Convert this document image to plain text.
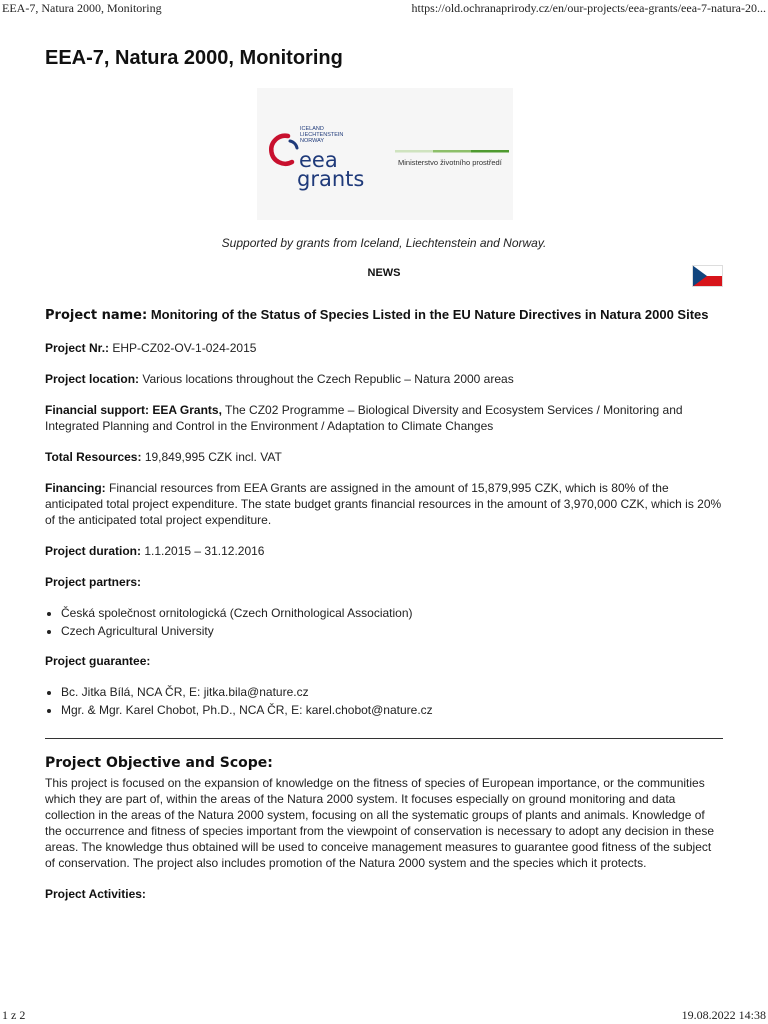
EEA-7, Natura 2000, Monitoring	https://old.ochranaprirody.cz/en/our-projects/eea-grants/eea-7-natura-20...
EEA-7, Natura 2000, Monitoring
ICELAND
LIECHTENSTEIN
NORWAY
eea
grants
Ministerstvo životního prostředí
Supported by grants from Iceland, Liechtenstein and Norway.
NEWS

Project name: Monitoring of the Status of Species Listed in the EU Nature Directives in Natura 2000 Sites

Project Nr.: EHP-CZ02-OV-1-024-2015

Project location: Various locations throughout the Czech Republic – Natura 2000 areas

Financial support: EEA Grants, The CZ02 Programme – Biological Diversity and Ecosystem Services / Monitoring and Integrated Planning and Control in the Environment / Adaptation to Climate Changes

Total Resources: 19,849,995 CZK incl. VAT

Financing: Financial resources from EEA Grants are assigned in the amount of 15,879,995 CZK, which is 80% of the anticipated total project expenditure. The state budget grants financial resources in the amount of 3,970,000 CZK, which is 20% of the anticipated total project expenditure.

Project duration: 1.1.2015 – 31.12.2016

Project partners:

• Česká společnost ornitologická (Czech Ornithological Association)
• Czech Agricultural University

Project guarantee:

• Bc. Jitka Bílá, NCA ČR, E: jitka.bila@nature.cz
• Mgr. & Mgr. Karel Chobot, Ph.D., NCA ČR, E: karel.chobot@nature.cz
Project Objective and Scope:

This project is focused on the expansion of knowledge on the fitness of species of European importance, or the communities which they are part of, within the areas of the Natura 2000 system. It focuses especially on ground monitoring and data collection in the areas of the Natura 2000 system, focusing on all the systematic groups of plants and animals. Knowledge of the occurrence and fitness of species important from the viewpoint of conservation is necessary to adopt any decision in these areas. The knowledge thus obtained will be used to conceive management measures to guarantee good fitness of the subject of conservation. The project also includes promotion of the Natura 2000 system and the species which it protects.

Project Activities:

1 z 2	19.08.2022 14:38
